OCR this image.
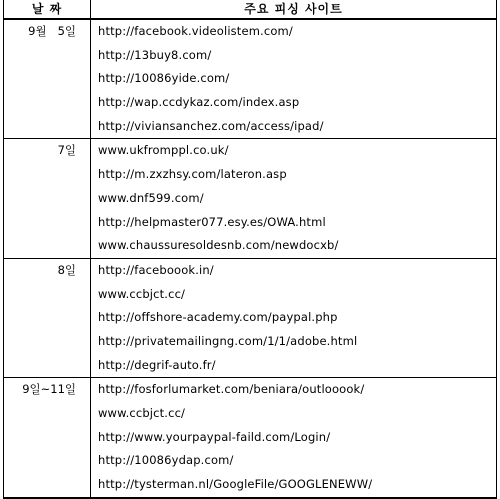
날 짜	주요 피싱 사이트
9월   5일	http://facebook.videolistem.com/
http://13buy8.com/
http://10086yide.com/
http://wap.ccdykaz.com/index.asp
http://viviansanchez.com/access/ipad/
7일	www.ukfromppl.co.uk/
http://m.zxzhsy.com/lateron.asp
www.dnf599.com/
http://helpmaster077.esy.es/OWA.html
www.chaussuresoldesnb.com/newdocxb/
8일	http://faceboook.in/
www.ccbjct.cc/
http://offshore-academy.com/paypal.php
http://privatemailingng.com/1/1/adobe.html
http://degrif-auto.fr/
9일~11일	http://fosforlumarket.com/beniara/outlooook/
www.ccbjct.cc/
http://www.yourpaypal-faild.com/Login/
http://10086ydap.com/
http://tysterman.nl/GoogleFile/GOOGLENEWW/
